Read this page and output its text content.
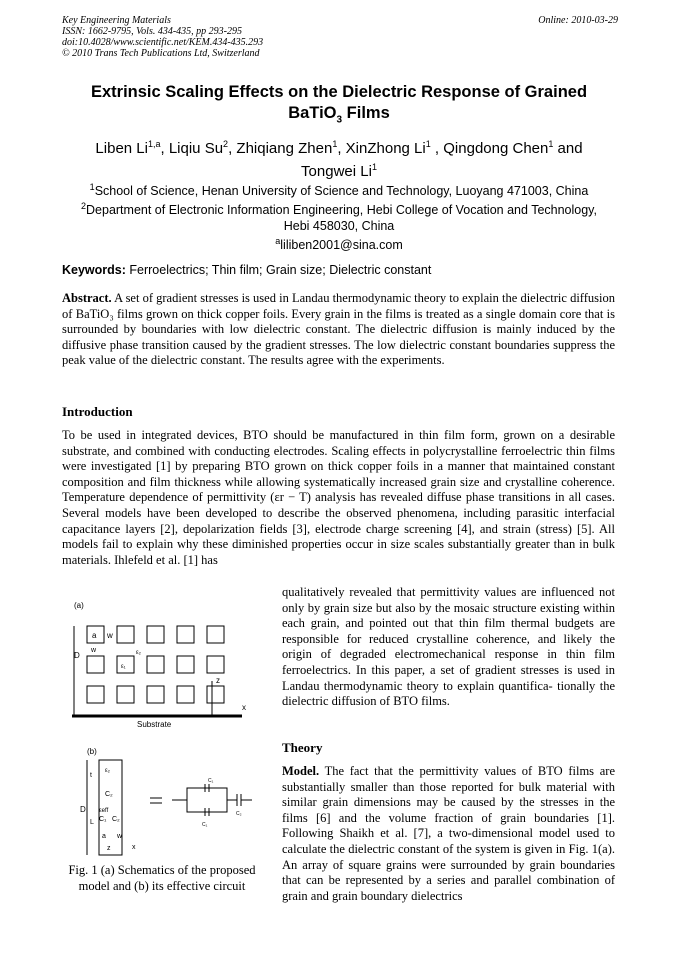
Key Engineering Materials
ISSN: 1662-9795, Vols. 434-435, pp 293-295
doi:10.4028/www.scientific.net/KEM.434-435.293
© 2010 Trans Tech Publications Ltd, Switzerland
Online: 2010-03-29
Extrinsic Scaling Effects on the Dielectric Response of Grained
BaTiO$_3$ Films
Liben Li$^{1,a}$, Liqiu Su$^2$, Zhiqiang Zhen$^1$, XinZhong Li$^1$ , Qingdong Chen$^1$ and
Tongwei Li$^1$
$^1$School of Science, Henan University of Science and Technology, Luoyang 471003, China
$^2$Department of Electronic Information Engineering, Hebi College of Vocation and Technology,
Hebi 458030, China
$^a$liliben2001@sina.com
Keywords: Ferroelectrics; Thin film; Grain size; Dielectric constant

Abstract. A set of gradient stresses is used in Landau thermodynamic theory to explain the dielectric diffusion of BaTiO₃ films grown on thick copper foils. Every grain in the films is treated as a single domain core that is surrounded by boundaries with low dielectric constant. The dielectric diffusion is mainly induced by the diffusive phase transition caused by the gradient stresses. The low dielectric constant boundaries suppress the peak value of the dielectric constant. The results agree with the experiments.

Introduction

To be used in integrated devices, BTO should be manufactured in thin film form, grown on a desirable substrate, and combined with conducting electrodes. Scaling effects in polycrystalline ferroelectric thin films were investigated [1] by preparing BTO grown on thick copper foils in a manner that maintained constant composition and film thickness while allowing systematically increased grain size and crystalline coherence. Temperature dependence of permittivity (εr − T) analysis has revealed diffuse phase transitions in all cases. Several models have been developed to describe the observed phenomena, including parasitic interfacial capacitance layers [2], depolarization fields [3], electrode charge screening [4], and strain (stress) [5]. All models fail to explain why these diminished properties occur in size scales substantially greater than in bulk materials. Ihlefeld et al. [1] has

qualitatively revealed that permittivity values are influenced not only by grain size but also by the mosaic structure existing within each grain, and pointed out that thin film thermal budgets are responsible for reduced crystalline coherence, and likely the origin of degraded electromechanical response in thin film ferroelectrics. In this paper, a set of gradient stresses is used in Landau thermodynamic theory to explain quantifica- tionally the dielectric diffusion of BTO films.

Theory

Model. The fact that the permittivity values of BTO films are substantially smaller than those reported for bulk material with similar grain dimensions may be caused by the stresses in the films [6] and the volume fraction of grain boundaries [1]. Following Shaikh et al. [7], a two-dimensional model used to calculate the dielectric constant of the system is given in Fig. 1(a). An array of square grains were surrounded by grain boundaries that can be represented by a series and parallel combination of grain and grain boundary dielectrics

(a)
D
a w
w	ε₂
ε₁
z
x
Substrate
(b)
D
t
L
ε₂
C₂
εeff
C₁ C₂
a w
z	x
C₁
C₁
C₂
Fig. 1 (a) Schematics of the proposed
model and (b) its effective circuit
